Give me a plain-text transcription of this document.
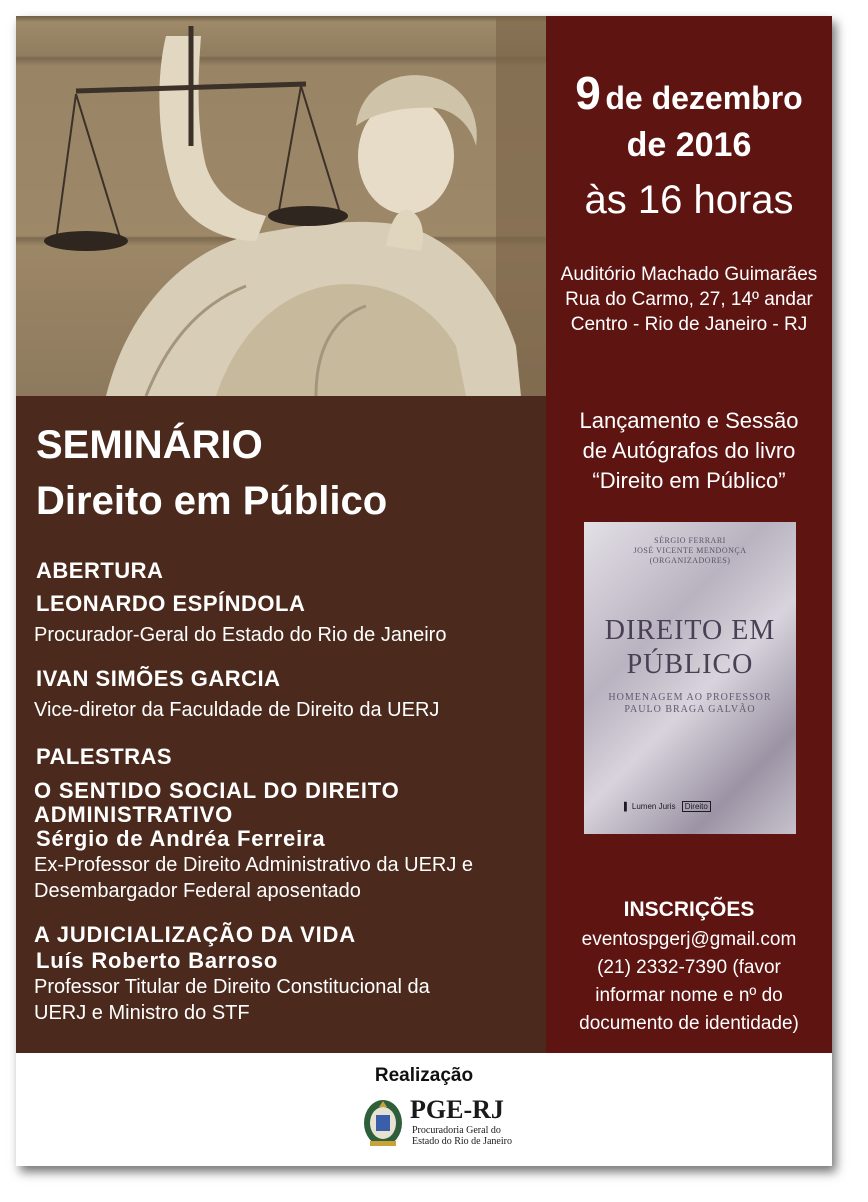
SEMINÁRIO
Direito em Público
ABERTURA
LEONARDO ESPÍNDOLA
Procurador-Geral do Estado do Rio de Janeiro
IVAN SIMÕES GARCIA
Vice-diretor da Faculdade de Direito da UERJ
PALESTRAS
O SENTIDO SOCIAL DO DIREITO
ADMINISTRATIVO
Sérgio de Andréa Ferreira
Ex-Professor de Direito Administrativo da UERJ e
Desembargador Federal aposentado
A JUDICIALIZAÇÃO DA VIDA
Luís Roberto Barroso
Professor Titular de Direito Constitucional da
UERJ e Ministro do STF
9 de dezembro
de 2016
às 16 horas
Auditório Machado Guimarães
Rua do Carmo, 27, 14º andar
Centro - Rio de Janeiro - RJ
Lançamento e Sessão
de Autógrafos do livro
“Direito em Público”
SÉRGIO FERRARI
JOSÉ VICENTE MENDONÇA
(ORGANIZADORES)
DIREITO EM
PÚBLICO
HOMENAGEM AO PROFESSOR
PAULO BRAGA GALVÃO
▌ Lumen Juris Direito
INSCRIÇÕES
eventospgerj@gmail.com
(21) 2332-7390 (favor
informar nome e nº do
documento de identidade)
Realização
PGE-RJ
Procuradoria Geral do
Estado do Rio de Janeiro
